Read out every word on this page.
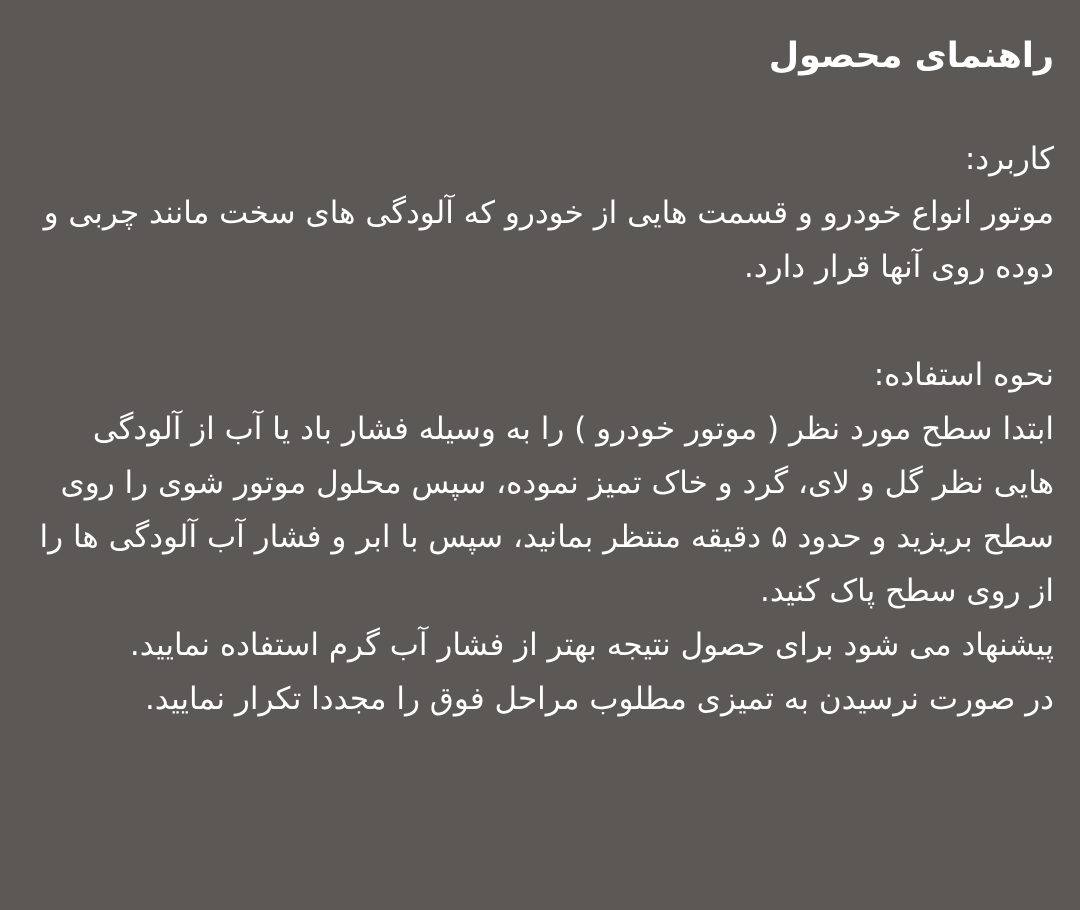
راهنمای محصول

کاربرد:

موتور انواع خودرو و قسمت هایی از خودرو که آلودگی های سخت مانند چربی و دوده روی آنها قرار دارد.

نحوه استفاده:

ابتدا سطح مورد نظر ( موتور خودرو ) را به وسیله فشار باد یا آب از آلودگی هایی نظر گل و لای، گرد و خاک تمیز نموده، سپس محلول موتور شوی را روی سطح بریزید و حدود ۵ دقیقه منتظر بمانید، سپس با ابر و فشار آب آلودگی ها را از روی سطح پاک کنید.

پیشنهاد می شود برای حصول نتیجه بهتر از فشار آب گرم استفاده نمایید.

در صورت نرسیدن به تمیزی مطلوب مراحل فوق را مجددا تکرار نمایید.
